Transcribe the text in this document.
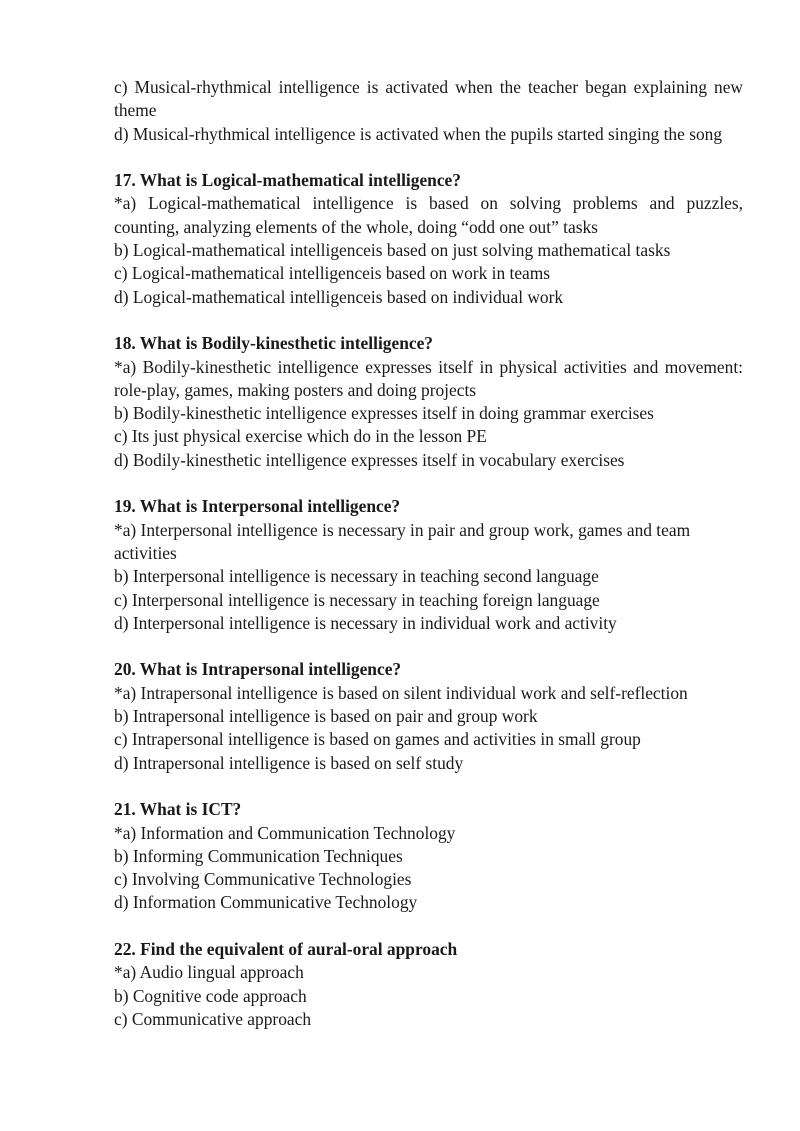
c) Musical-rhythmical intelligence is activated when the teacher began explaining new theme

d) Musical-rhythmical intelligence is activated when the pupils started singing the song

17. What is Logical-mathematical intelligence?

*a) Logical-mathematical intelligence is based on solving problems and puzzles, counting, analyzing elements of the whole, doing “odd one out” tasks

b) Logical-mathematical intelligenceis based on just solving mathematical tasks

c) Logical-mathematical intelligenceis based on work in teams

d) Logical-mathematical intelligenceis based on individual work

18. What is Bodily-kinesthetic intelligence?

*a) Bodily-kinesthetic intelligence expresses itself in physical activities and movement: role-play, games, making posters and doing projects

b) Bodily-kinesthetic intelligence expresses itself in doing grammar exercises

c) Its just physical exercise which do in the lesson PE

d) Bodily-kinesthetic intelligence expresses itself in vocabulary exercises

19. What is Interpersonal intelligence?

*a) Interpersonal intelligence is necessary in pair and group work, games and team activities

b) Interpersonal intelligence is necessary in teaching second language

c) Interpersonal intelligence is necessary in teaching foreign language

d) Interpersonal intelligence is necessary in individual work and activity

20. What is Intrapersonal intelligence?

*a) Intrapersonal intelligence is based on silent individual work and self-reflection

b) Intrapersonal intelligence is based on pair and group work

c) Intrapersonal intelligence is based on games and activities in small group

d) Intrapersonal intelligence is based on self study

21. What is ICT?

*a) Information and Communication Technology

b) Informing Communication Techniques

c) Involving Communicative Technologies

d) Information Communicative Technology

22. Find the equivalent of aural-oral approach

*a) Audio lingual approach

b) Cognitive code approach

c) Communicative approach
